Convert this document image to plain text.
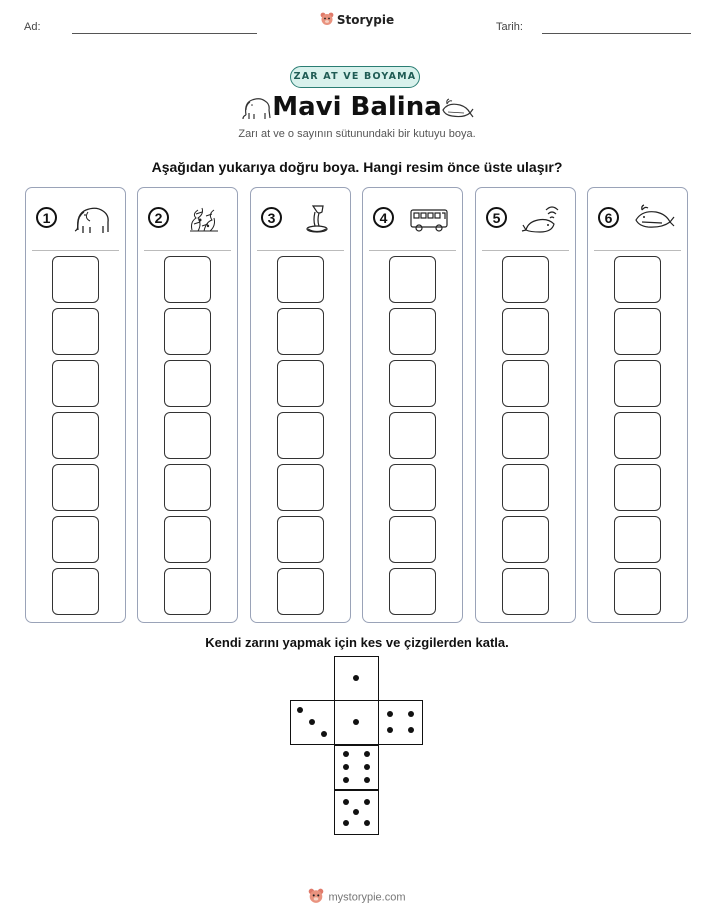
Ad:	Storypie	Tarih:
ZAR AT VE BOYAMA
Mavi Balina
Zarı at ve o sayının sütunundaki bir kutuyu boya.
Aşağıdan yukarıya doğru boya. Hangi resim önce üste ulaşır?
1	2	3	4	5	6
Kendi zarını yapmak için kes ve çizgilerden katla.
mystorypie.com
